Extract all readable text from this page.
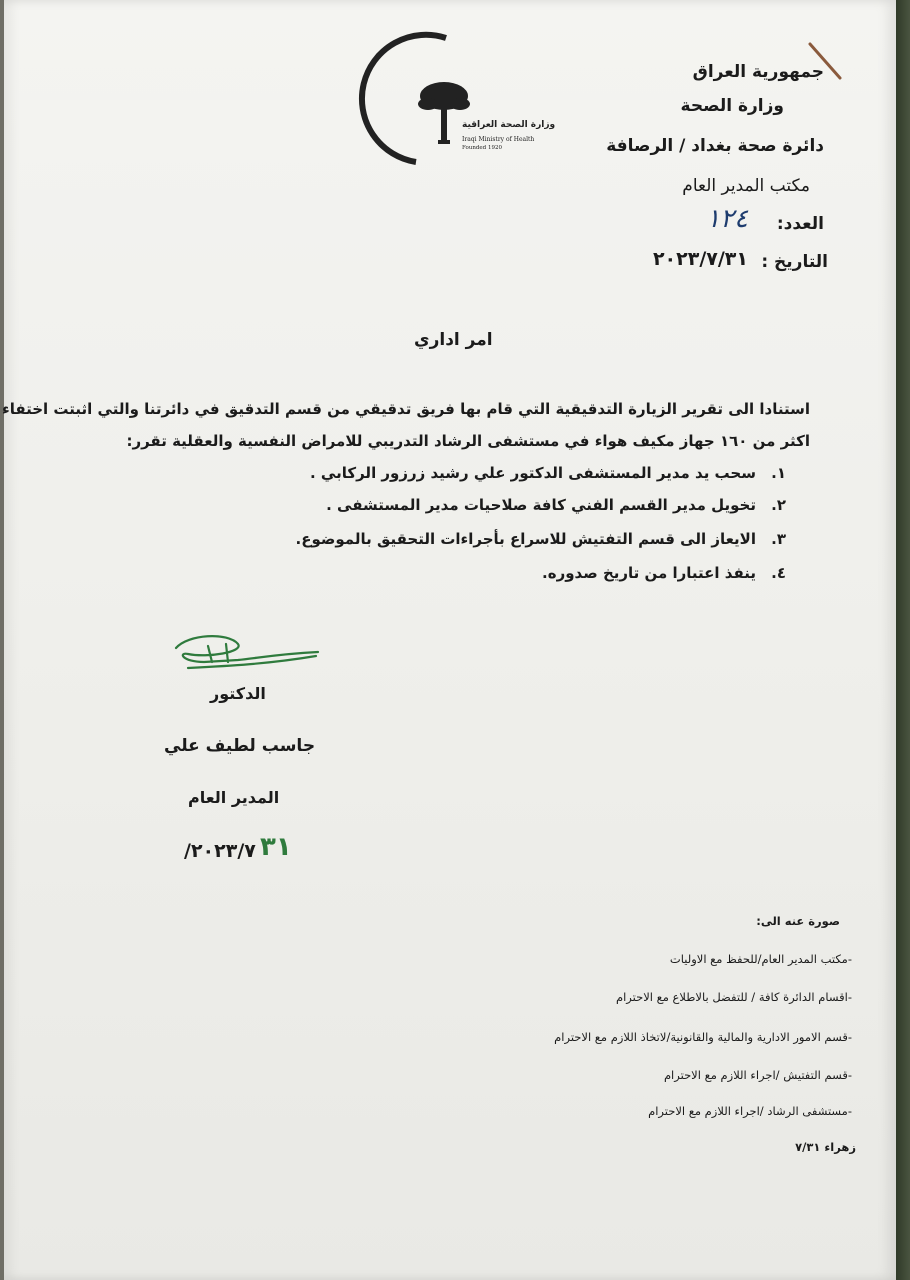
وزارة الصحة العراقية
Iraqi Ministry of Health
Founded 1920
جمهورية العراق
وزارة الصحة
دائرة صحة بغداد / الرصافة
مكتب المدير العام
العدد:
١٢٤
التاريخ :
٢٠٢٣/٧/٣١
امر اداري
استنادا الى تقرير الزيارة التدقيقية التي قام بها فريق تدقيقي من قسم التدقيق في دائرتنا والتي اثبتت اختفاء
اكثر من ١٦٠ جهاز مكيف هواء في مستشفى الرشاد التدريبي للامراض النفسية والعقلية تقرر:
١.
سحب يد مدير المستشفى الدكتور علي رشيد زرزور الركابي .
٢.
تخويل مدير القسم الفني كافة صلاحيات مدير المستشفى .
٣.
الايعاز الى قسم التفتيش للاسراع بأجراءات التحقيق بالموضوع.
٤.
ينفذ اعتبارا من تاريخ صدوره.
الدكتور
جاسب لطيف علي
المدير العام
٢٠٢٣/٧/ ٣١
صورة عنه الى:
-مكتب المدير العام/للحفظ مع الاوليات
-اقسام الدائرة كافة / للتفضل بالاطلاع مع الاحترام
-قسم الامور الادارية والمالية والقانونية/لاتخاذ اللازم مع الاحترام
-قسم التفتيش /اجراء اللازم مع الاحترام
-مستشفى الرشاد /اجراء اللازم مع الاحترام
زهراء ٧/٣١
